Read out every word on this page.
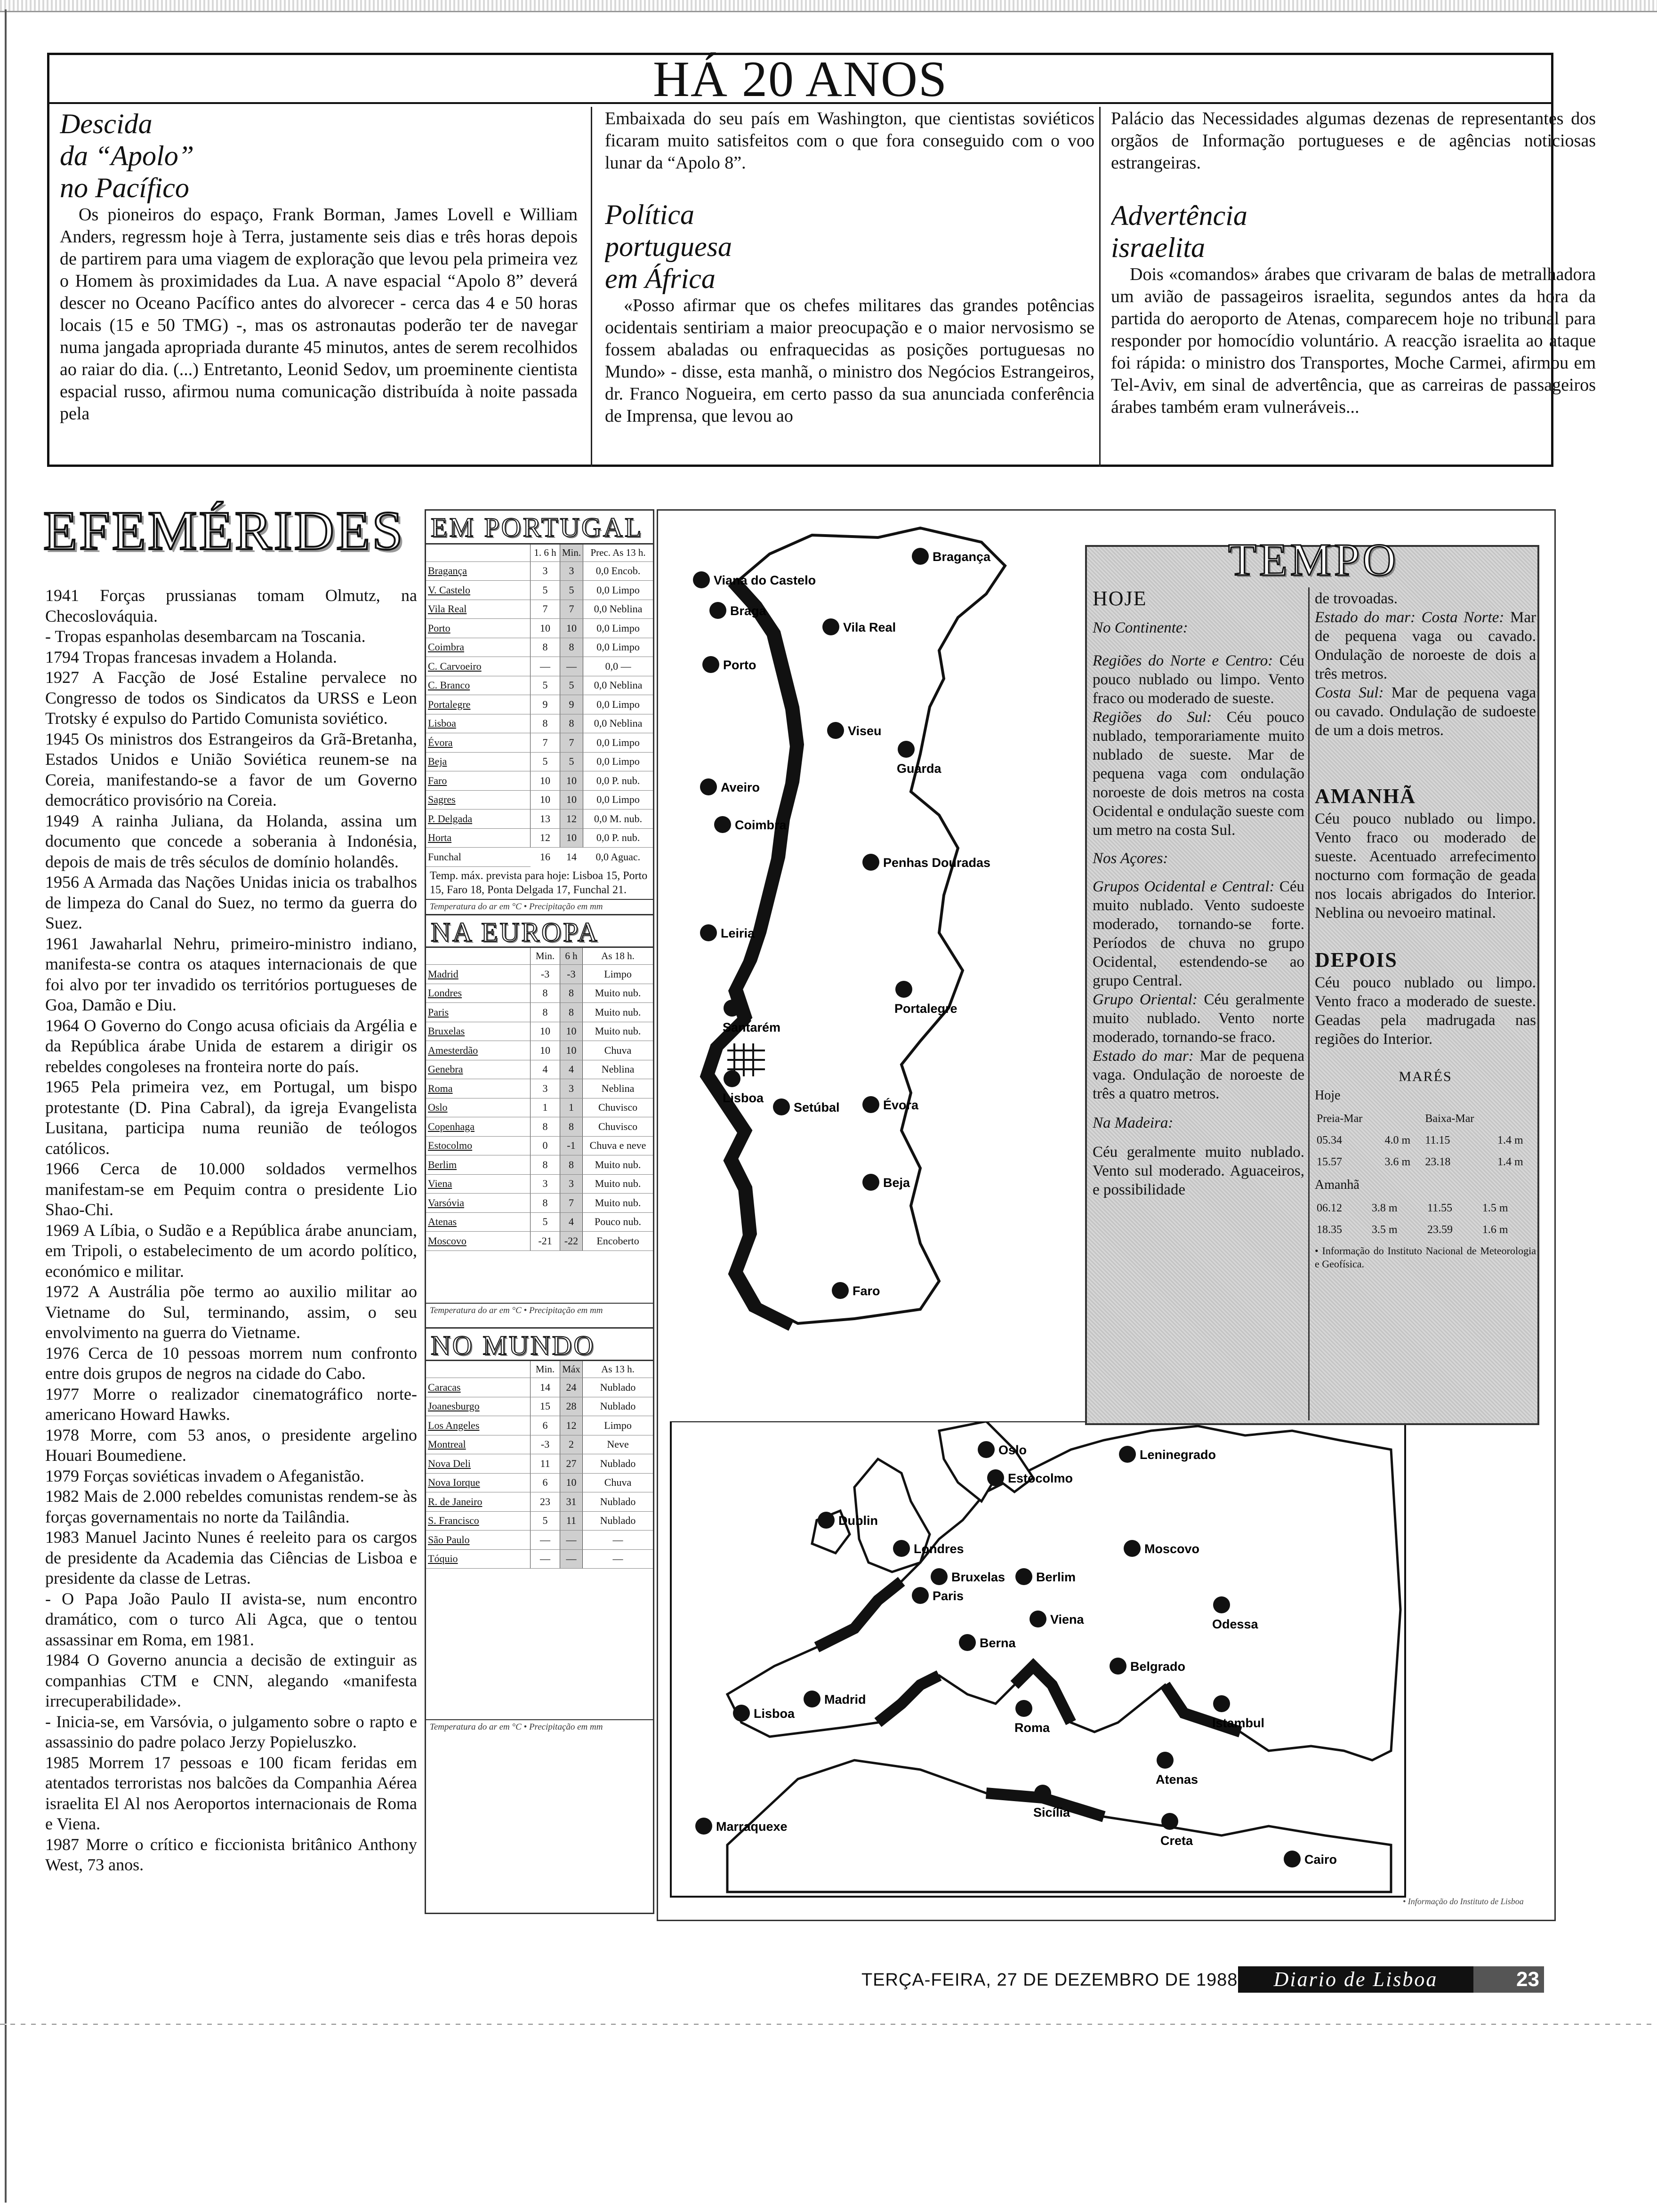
HÁ 20 ANOS
Descida
da “Apolo”
no Pacífico

Os pioneiros do espaço, Frank Borman, James Lovell e William Anders, regressm hoje à Terra, justamente seis dias e três horas depois de partirem para uma viagem de exploração que levou pela primeira vez o Homem às proximidades da Lua. A nave espacial “Apolo 8” deverá descer no Oceano Pacífico antes do alvorecer - cerca das 4 e 50 horas locais (15 e 50 TMG) -, mas os astronautas poderão ter de navegar numa jangada apropriada durante 45 minutos, antes de serem recolhidos ao raiar do dia. (...) Entretanto, Leonid Sedov, um proeminente cientista espacial russo, afirmou numa comunicação distribuída à noite passada pela

Embaixada do seu país em Washington, que cientistas soviéticos ficaram muito satisfeitos com o que fora conseguido com o voo lunar da “Apolo 8”.

Política
portuguesa
em África

«Posso afirmar que os chefes militares das grandes potências ocidentais sentiriam a maior preocupação e o maior nervosismo se fossem abaladas ou enfraquecidas as posições portuguesas no Mundo» - disse, esta manhã, o ministro dos Negócios Estrangeiros, dr. Franco Nogueira, em certo passo da sua anunciada conferência de Imprensa, que levou ao

Palácio das Necessidades algumas dezenas de representantes dos orgãos de Informação portugueses e de agências noticiosas estrangeiras.

Advertência
israelita

Dois «comandos» árabes que crivaram de balas de metralhadora um avião de passageiros israelita, segundos antes da hora da partida do aeroporto de Atenas, comparecem hoje no tribunal para responder por homocídio voluntário. A reacção israelita ao ataque foi rápida: o ministro dos Transportes, Moche Carmei, afirmou em Tel-Aviv, em sinal de advertência, que as carreiras de passageiros árabes também eram vulneráveis...

EFEMÉRIDES

1941 Forças prussianas tomam Olmutz, na Checoslováquia.

- Tropas espanholas desembarcam na Toscania.

1794 Tropas francesas invadem a Holanda.

1927 A Facção de José Estaline pervalece no Congresso de todos os Sindicatos da URSS e Leon Trotsky é expulso do Partido Comunista soviético.

1945 Os ministros dos Estrangeiros da Grã-Bretanha, Estados Unidos e União Soviética reunem-se na Coreia, manifestando-se a favor de um Governo democrático provisório na Coreia.

1949 A rainha Juliana, da Holanda, assina um documento que concede a soberania à Indonésia, depois de mais de três séculos de domínio holandês.

1956 A Armada das Nações Unidas inicia os trabalhos de limpeza do Canal do Suez, no termo da guerra do Suez.

1961 Jawaharlal Nehru, primeiro-ministro indiano, manifesta-se contra os ataques internacionais de que foi alvo por ter invadido os territórios portugueses de Goa, Damão e Diu.

1964 O Governo do Congo acusa oficiais da Argélia e da República árabe Unida de estarem a dirigir os rebeldes congoleses na fronteira norte do país.

1965 Pela primeira vez, em Portugal, um bispo protestante (D. Pina Cabral), da igreja Evangelista Lusitana, participa numa reunião de teólogos católicos.

1966 Cerca de 10.000 soldados vermelhos manifestam-se em Pequim contra o presidente Lio Shao-Chi.

1969 A Líbia, o Sudão e a República árabe anunciam, em Tripoli, o estabelecimento de um acordo político, económico e militar.

1972 A Austrália põe termo ao auxilio militar ao Vietname do Sul, terminando, assim, o seu envolvimento na guerra do Vietname.

1976 Cerca de 10 pessoas morrem num confronto entre dois grupos de negros na cidade do Cabo.

1977 Morre o realizador cinematográfico norte-americano Howard Hawks.

1978 Morre, com 53 anos, o presidente argelino Houari Boumediene.

1979 Forças soviéticas invadem o Afeganistão.

1982 Mais de 2.000 rebeldes comunistas rendem-se às forças governamentais no norte da Tailândia.

1983 Manuel Jacinto Nunes é reeleito para os cargos de presidente da Academia das Ciências de Lisboa e presidente da classe de Letras.

- O Papa João Paulo II avista-se, num encontro dramático, com o turco Ali Agca, que o tentou assassinar em Roma, em 1981.

1984 O Governo anuncia a decisão de extinguir as companhias CTM e CNN, alegando «manifesta irrecuperabilidade».

- Inicia-se, em Varsóvia, o julgamento sobre o rapto e assassinio do padre polaco Jerzy Popieluszko.

1985 Morrem 17 pessoas e 100 ficam feridas em atentados terroristas nos balcões da Companhia Aérea israelita El Al nos Aeroportos internacionais de Roma e Viena.

1987 Morre o crítico e ficcionista britânico Anthony West, 73 anos.

EM PORTUGAL
	1. 6 h	Min.	Prec. As 13 h.
Bragança	3	3	0,0 Encob.
V. Castelo	5	5	0,0 Limpo
Vila Real	7	7	0,0 Neblina
Porto	10	10	0,0 Limpo
Coimbra	8	8	0,0 Limpo
C. Carvoeiro	—	—	0,0 —
C. Branco	5	5	0,0 Neblina
Portalegre	9	9	0,0 Limpo
Lisboa	8	8	0,0 Neblina
Évora	7	7	0,0 Limpo
Beja	5	5	0,0 Limpo
Faro	10	10	0,0 P. nub.
Sagres	10	10	0,0 Limpo
P. Delgada	13	12	0,0 M. nub.
Horta	12	10	0,0 P. nub.
Funchal	16	14	0,0 Aguac.
Temp. máx. prevista para hoje: Lisboa 15, Porto 15, Faro 18, Ponta Delgada 17, Funchal 21.
Temperatura do ar em °C • Precipitação em mm
NA EUROPA
	Min.	6 h	As 18 h.
Madrid	-3	-3	Limpo
Londres	8	8	Muito nub.
Paris	8	8	Muito nub.
Bruxelas	10	10	Muito nub.
Amesterdão	10	10	Chuva
Genebra	4	4	Neblina
Roma	3	3	Neblina
Oslo	1	1	Chuvisco
Copenhaga	8	8	Chuvisco
Estocolmo	0	-1	Chuva e neve
Berlim	8	8	Muito nub.
Viena	3	3	Muito nub.
Varsóvia	8	7	Muito nub.
Atenas	5	4	Pouco nub.
Moscovo	-21	-22	Encoberto
Temperatura do ar em °C • Precipitação em mm
NO MUNDO
	Min.	Máx	As 13 h.
Caracas	14	24	Nublado
Joanesburgo	15	28	Nublado
Los Angeles	6	12	Limpo
Montreal	-3	2	Neve
Nova Deli	11	27	Nublado
Nova Iorque	6	10	Chuva
R. de Janeiro	23	31	Nublado
S. Francisco	5	11	Nublado
São Paulo	—	—	—
Tóquio	—	—	—
Temperatura do ar em °C • Precipitação em mm
Bragança
Viana do Castelo
Braga
Vila Real
Porto
Viseu
Guarda
Aveiro
Coimbra
Penhas Douradas
Leiria
Portalegre
Santarém
Lisboa	Évora
Setúbal
Beja
Faro
Oslo
Estocolmo
Leninegrado
Dublin
Londres	Moscovo
Bruxelas Berlim
Paris
Odessa
Viena
Berna
Belgrado
Lisboa
Madrid
Istambul
Roma
Atenas
Sicília
Marraquexe
Creta
Cairo
• Informação do Instituto de Lisboa
TEMPO
HOJE
No Continente:
Regiões do Norte e Centro: Céu pouco nublado ou limpo. Vento fraco ou moderado de sueste.
Regiões do Sul: Céu pouco nublado, temporariamente muito nublado de sueste. Mar de pequena vaga com ondulação noroeste de dois metros na costa Ocidental e ondulação sueste com um metro na costa Sul.
Nos Açores:
Grupos Ocidental e Central: Céu muito nublado. Vento sudoeste moderado, tornando-se forte. Períodos de chuva no grupo Ocidental, estendendo-se ao grupo Central.
Grupo Oriental: Céu geralmente muito nublado. Vento norte moderado, tornando-se fraco.
Estado do mar: Mar de pequena vaga. Ondulação de noroeste de três a quatro metros.
Na Madeira:
Céu geralmente muito nublado. Vento sul moderado. Aguaceiros, e possibilidade
de trovoadas.
Estado do mar: Costa Norte: Mar de pequena vaga ou cavado. Ondulação de noroeste de dois a três metros.
Costa Sul: Mar de pequena vaga ou cavado. Ondulação de sudoeste de um a dois metros.
AMANHÃ
Céu pouco nublado ou limpo. Vento fraco ou moderado de sueste. Acentuado arrefecimento nocturno com formação de geada nos locais abrigados do Interior. Neblina ou nevoeiro matinal.
DEPOIS
Céu pouco nublado ou limpo. Vento fraco a moderado de sueste. Geadas pela madrugada nas regiões do Interior.
MARÉS
Hoje
Preia-Mar		Baixa-Mar	
05.34	4.0 m	11.15	1.4 m
15.57	3.6 m	23.18	1.4 m
Amanhã
06.12	3.8 m	11.55	1.5 m
18.35	3.5 m	23.59	1.6 m
• Informação do Instituto Nacional de Meteorologia e Geofísica.
TERÇA-FEIRA, 27 DE DEZEMBRO DE 1988	Diario de Lisboa	23
